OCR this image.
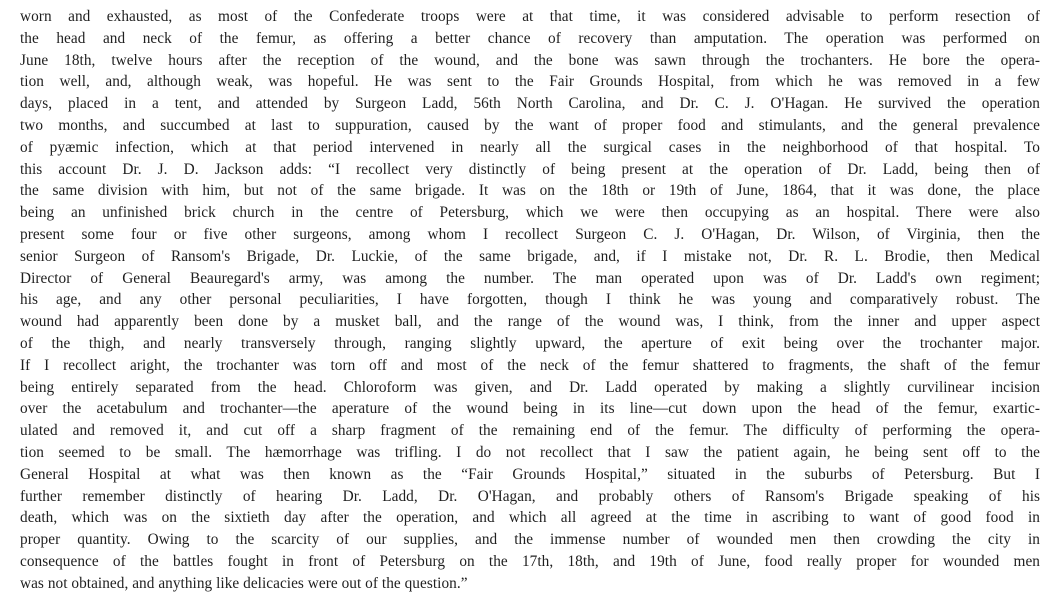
worn and exhausted, as most of the Confederate troops were at that time, it was considered advisable to perform resection of
the head and neck of the femur, as offering a better chance of recovery than amputation. The operation was performed on
June 18th, twelve hours after the reception of the wound, and the bone was sawn through the trochanters. He bore the opera-
tion well, and, although weak, was hopeful. He was sent to the Fair Grounds Hospital, from which he was removed in a few
days, placed in a tent, and attended by Surgeon Ladd, 56th North Carolina, and Dr. C. J. O'Hagan. He survived the operation
two months, and succumbed at last to suppuration, caused by the want of proper food and stimulants, and the general prevalence
of pyæmic infection, which at that period intervened in nearly all the surgical cases in the neighborhood of that hospital. To
this account Dr. J. D. Jackson adds: “I recollect very distinctly of being present at the operation of Dr. Ladd, being then of
the same division with him, but not of the same brigade. It was on the 18th or 19th of June, 1864, that it was done, the place
being an unfinished brick church in the centre of Petersburg, which we were then occupying as an hospital. There were also
present some four or five other surgeons, among whom I recollect Surgeon C. J. O'Hagan, Dr. Wilson, of Virginia, then the
senior Surgeon of Ransom's Brigade, Dr. Luckie, of the same brigade, and, if I mistake not, Dr. R. L. Brodie, then Medical
Director of General Beauregard's army, was among the number. The man operated upon was of Dr. Ladd's own regiment;
his age, and any other personal peculiarities, I have forgotten, though I think he was young and comparatively robust. The
wound had apparently been done by a musket ball, and the range of the wound was, I think, from the inner and upper aspect
of the thigh, and nearly transversely through, ranging slightly upward, the aperture of exit being over the trochanter major.
If I recollect aright, the trochanter was torn off and most of the neck of the femur shattered to fragments, the shaft of the femur
being entirely separated from the head. Chloroform was given, and Dr. Ladd operated by making a slightly curvilinear incision
over the acetabulum and trochanter—the aperature of the wound being in its line—cut down upon the head of the femur, exartic-
ulated and removed it, and cut off a sharp fragment of the remaining end of the femur. The difficulty of performing the opera-
tion seemed to be small. The hæmorrhage was trifling. I do not recollect that I saw the patient again, he being sent off to the
General Hospital at what was then known as the “Fair Grounds Hospital,” situated in the suburbs of Petersburg. But I
further remember distinctly of hearing Dr. Ladd, Dr. O'Hagan, and probably others of Ransom's Brigade speaking of his
death, which was on the sixtieth day after the operation, and which all agreed at the time in ascribing to want of good food in
proper quantity. Owing to the scarcity of our supplies, and the immense number of wounded men then crowding the city in
consequence of the battles fought in front of Petersburg on the 17th, 18th, and 19th of June, food really proper for wounded men
was not obtained, and anything like delicacies were out of the question.”
